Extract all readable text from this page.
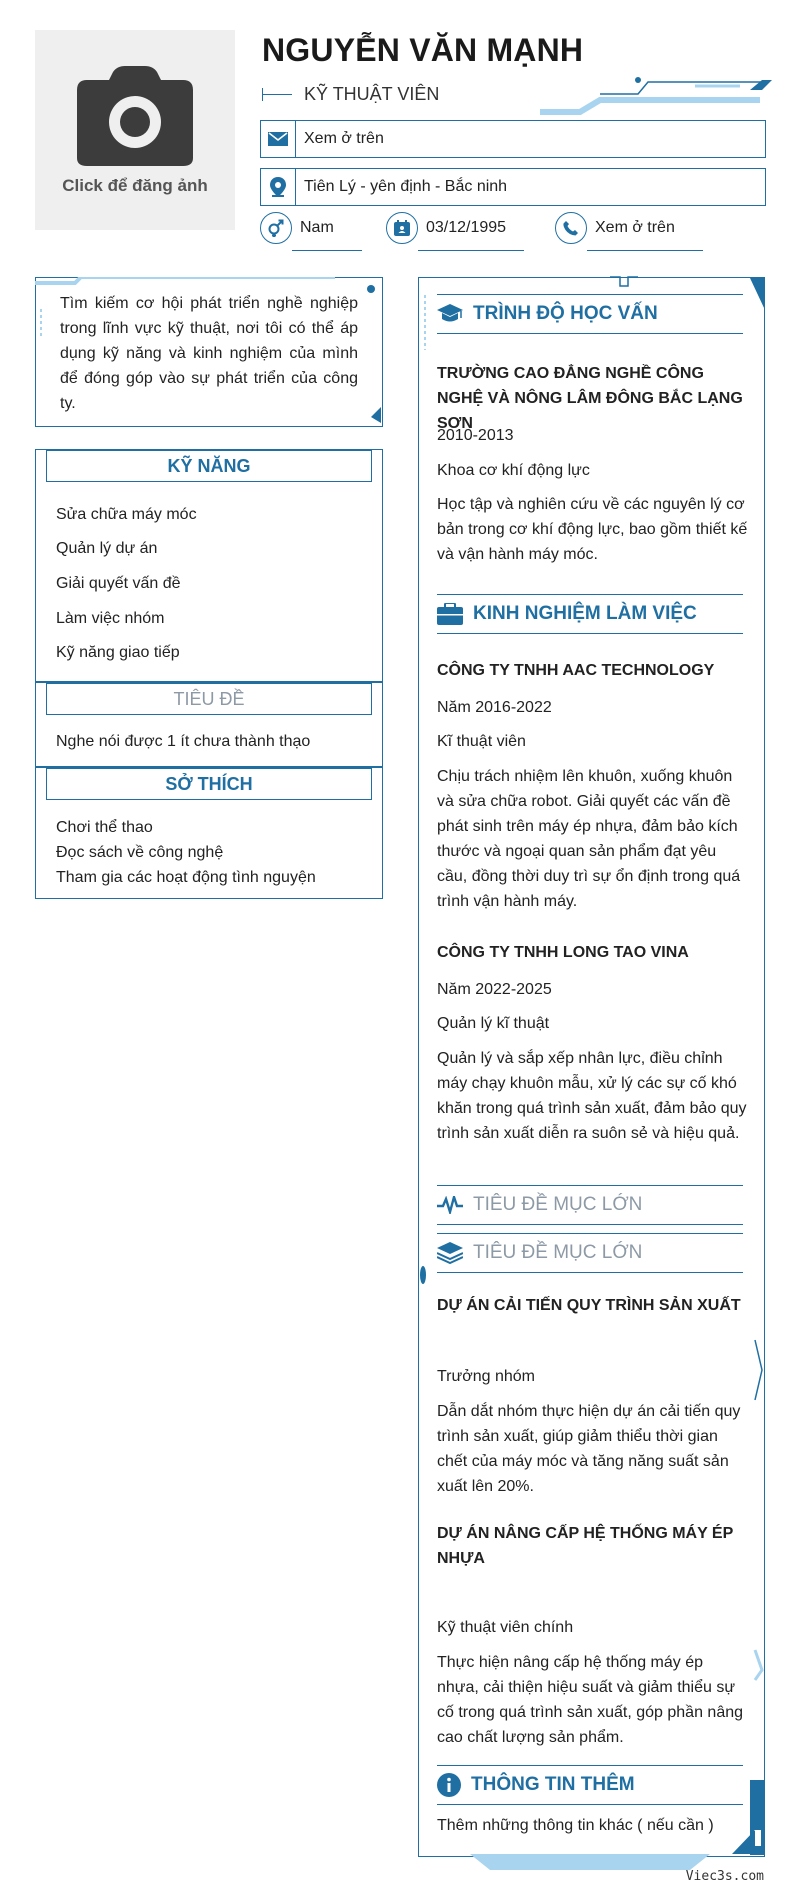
Click để đăng ảnh
NGUYỄN VĂN MẠNH
KỸ THUẬT VIÊN
Xem ở trên
Tiên Lý - yên định - Bắc ninh
Nam	03/12/1995	Xem ở trên
Tìm kiếm cơ hội phát triển nghề nghiệp trong lĩnh vực kỹ thuật, nơi tôi có thể áp dụng kỹ năng và kinh nghiệm của mình để đóng góp vào sự phát triển của công ty.
KỸ NĂNG
Sửa chữa máy móc
Quản lý dự án
Giải quyết vấn đề
Làm việc nhóm
Kỹ năng giao tiếp
TIÊU ĐỀ
Nghe nói được 1 ít chưa thành thạo
SỞ THÍCH
Chơi thể thao
Đọc sách về công nghệ
Tham gia các hoạt động tình nguyện
TRÌNH ĐỘ HỌC VẤN
TRƯỜNG CAO ĐẲNG NGHỀ CÔNG NGHỆ VÀ NÔNG LÂM ĐÔNG BẮC LẠNG SƠN
2010-2013
Khoa cơ khí động lực
Học tập và nghiên cứu về các nguyên lý cơ bản trong cơ khí động lực, bao gồm thiết kế và vận hành máy móc.
KINH NGHIỆM LÀM VIỆC
CÔNG TY TNHH AAC TECHNOLOGY
Năm 2016-2022
Kĩ thuật viên
Chịu trách nhiệm lên khuôn, xuống khuôn và sửa chữa robot. Giải quyết các vấn đề phát sinh trên máy ép nhựa, đảm bảo kích thước và ngoại quan sản phẩm đạt yêu cầu, đồng thời duy trì sự ổn định trong quá trình vận hành máy.
CÔNG TY TNHH LONG TAO VINA
Năm 2022-2025
Quản lý kĩ thuật
Quản lý và sắp xếp nhân lực, điều chỉnh máy chạy khuôn mẫu, xử lý các sự cố khó khăn trong quá trình sản xuất, đảm bảo quy trình sản xuất diễn ra suôn sẻ và hiệu quả.
TIÊU ĐỀ MỤC LỚN
TIÊU ĐỀ MỤC LỚN
DỰ ÁN CẢI TIẾN QUY TRÌNH SẢN XUẤT
Trưởng nhóm
Dẫn dắt nhóm thực hiện dự án cải tiến quy trình sản xuất, giúp giảm thiểu thời gian chết của máy móc và tăng năng suất sản xuất lên 20%.
DỰ ÁN NÂNG CẤP HỆ THỐNG MÁY ÉP NHỰA
Kỹ thuật viên chính
Thực hiện nâng cấp hệ thống máy ép nhựa, cải thiện hiệu suất và giảm thiểu sự cố trong quá trình sản xuất, góp phần nâng cao chất lượng sản phẩm.
THÔNG TIN THÊM
Thêm những thông tin khác ( nếu cần )
Viec3s.com
